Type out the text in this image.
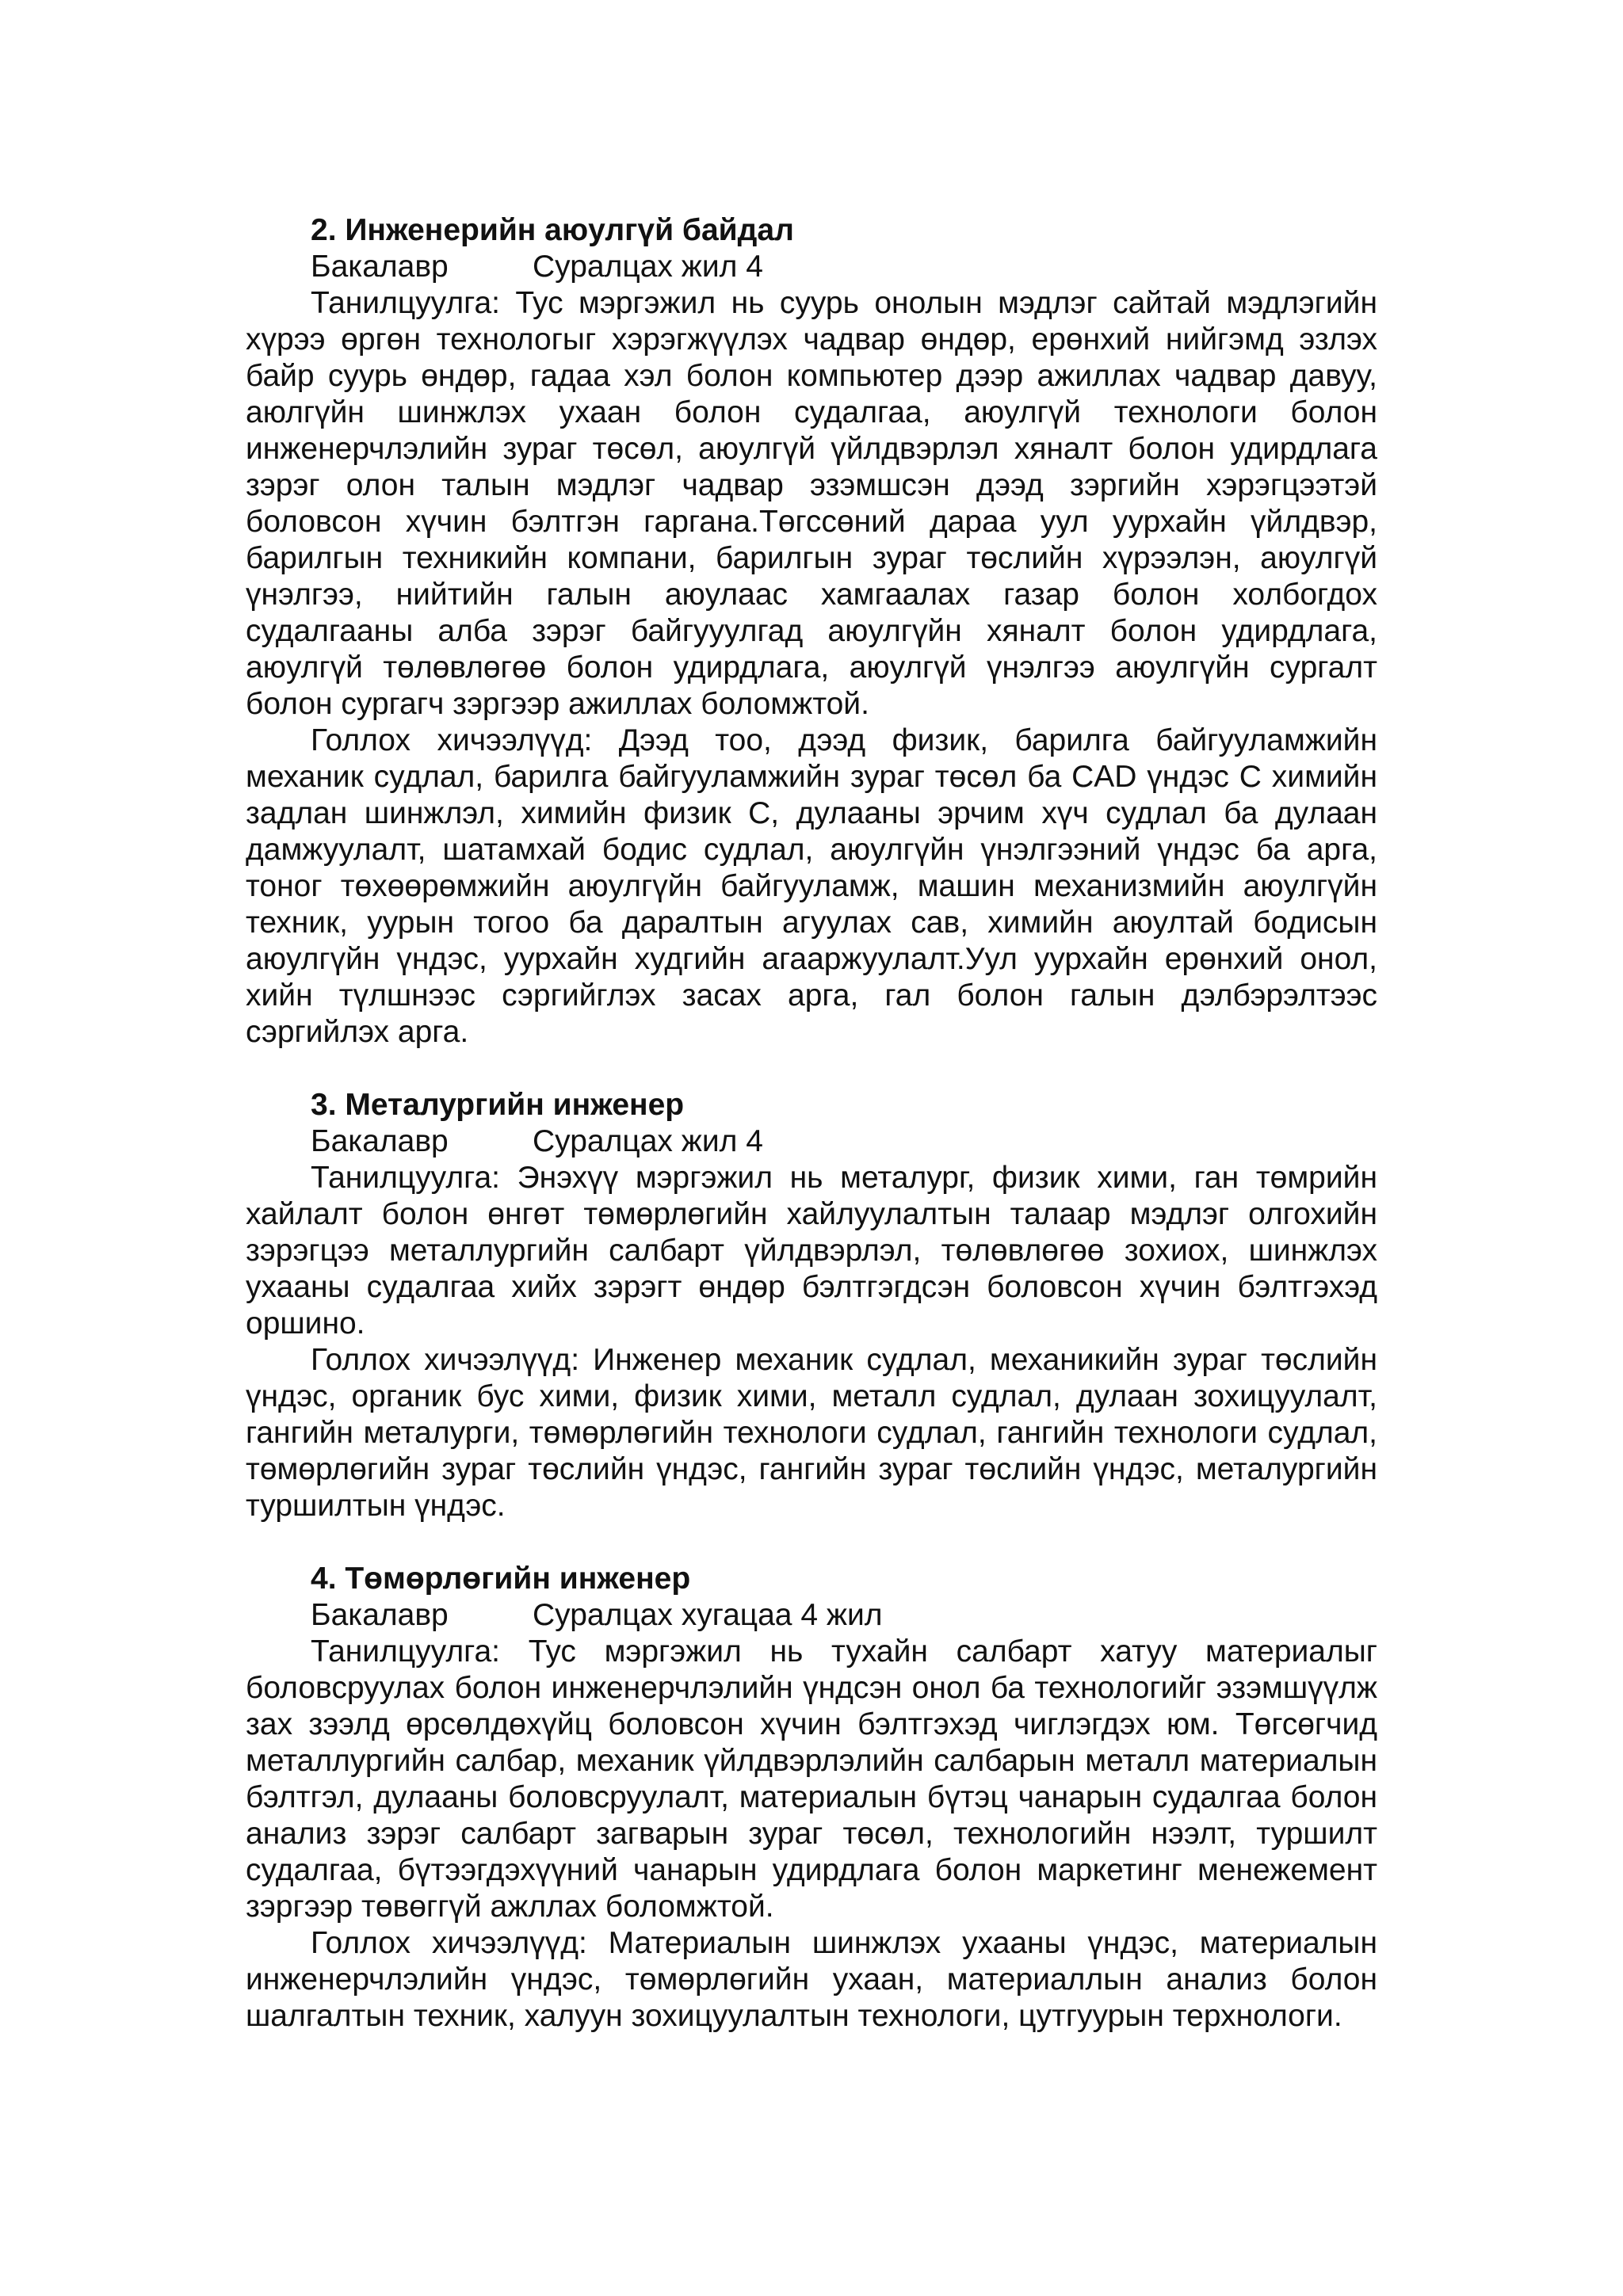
2. Инженерийн аюулгүй байдал

Бакалавр	Суралцах жил 4

Танилцуулга: Тус мэргэжил нь суурь онолын мэдлэг сайтай мэдлэгийн хүрээ өргөн технологыг хэрэгжүүлэх чадвар өндөр, ерөнхий нийгэмд эзлэх байр суурь өндөр, гадаа хэл болон компьютер дээр ажиллах чадвар давуу, аюлгүйн шинжлэх ухаан болон судалгаа, аюулгүй технологи болон инженерчлэлийн зураг төсөл, аюулгүй үйлдвэрлэл хяналт болон удирдлага зэрэг олон талын мэдлэг чадвар эзэмшсэн дээд зэргийн хэрэгцээтэй боловсон хүчин бэлтгэн гаргана.Төгссөний дараа уул уурхайн үйлдвэр, барилгын техникийн компани, барилгын зураг төслийн хүрээлэн, аюулгүй үнэлгээ, нийтийн галын аюулаас хамгаалах газар болон холбогдох судалгааны алба зэрэг байгууулгад аюулгүйн хяналт болон удирдлага, аюулгүй төлөвлөгөө болон удирдлага, аюулгүй үнэлгээ аюулгүйн сургалт болон сургагч зэргээр ажиллах боломжтой.

Голлох хичээлүүд: Дээд тоо, дээд физик, барилга байгууламжийн механик судлал, барилга байгууламжийн зураг төсөл ба CAD үндэс C химийн задлан шинжлэл, химийн физик C, дулааны эрчим хүч судлал ба дулаан дамжуулалт, шатамхай бодис судлал, аюулгүйн үнэлгээний үндэс ба арга, тоног төхөөрөмжийн аюулгүйн байгууламж, машин механизмийн аюулгүйн техник, уурын тогоо ба даралтын агуулах сав, химийн аюултай бодисын аюулгүйн үндэс, уурхайн худгийн агааржуулалт.Уул уурхайн ерөнхий онол, хийн түлшнээс сэргийглэх засах арга, гал болон галын дэлбэрэлтээс сэргийлэх арга.

3. Металургийн инженер

Бакалавр	Суралцах жил 4

Танилцуулга: Энэхүү мэргэжил нь металург, физик хими, ган төмрийн хайлалт болон өнгөт төмөрлөгийн хайлуулалтын талаар мэдлэг олгохийн зэрэгцээ металлургийн салбарт үйлдвэрлэл, төлөвлөгөө зохиох, шинжлэх ухааны судалгаа хийх зэрэгт өндөр бэлтгэгдсэн боловсон хүчин бэлтгэхэд оршино.

Голлох хичээлүүд: Инженер механик судлал, механикийн зураг төслийн үндэс, органик бус хими, физик хими, металл судлал, дулаан зохицуулалт, гангийн металурги, төмөрлөгийн технологи судлал, гангийн технологи судлал, төмөрлөгийн зураг төслийн үндэс, гангийн зураг төслийн үндэс, металургийн туршилтын үндэс.

4. Төмөрлөгийн инженер

Бакалавр	Суралцах хугацаа 4 жил

Танилцуулга: Тус мэргэжил нь тухайн салбарт хатуу материалыг боловсруулах болон инженерчлэлийн үндсэн онол ба технологийг эзэмшүүлж зах зээлд өрсөлдөхүйц боловсон хүчин бэлтгэхэд чиглэгдэх юм. Төгсөгчид металлургийн салбар, механик үйлдвэрлэлийн салбарын металл материалын бэлтгэл, дулааны боловсруулалт, материалын бүтэц чанарын судалгаа болон анализ зэрэг салбарт загварын зураг төсөл, технологийн нээлт, туршилт судалгаа, бүтээгдэхүүний чанарын удирдлага болон маркетинг менежемент зэргээр төвөггүй ажллах боломжтой.

Голлох хичээлүүд: Материалын шинжлэх ухааны үндэс, материалын инженерчлэлийн үндэс, төмөрлөгийн ухаан, материаллын анализ болон шалгалтын техник, халуун зохицуулалтын технологи, цутгуурын терхнологи.
